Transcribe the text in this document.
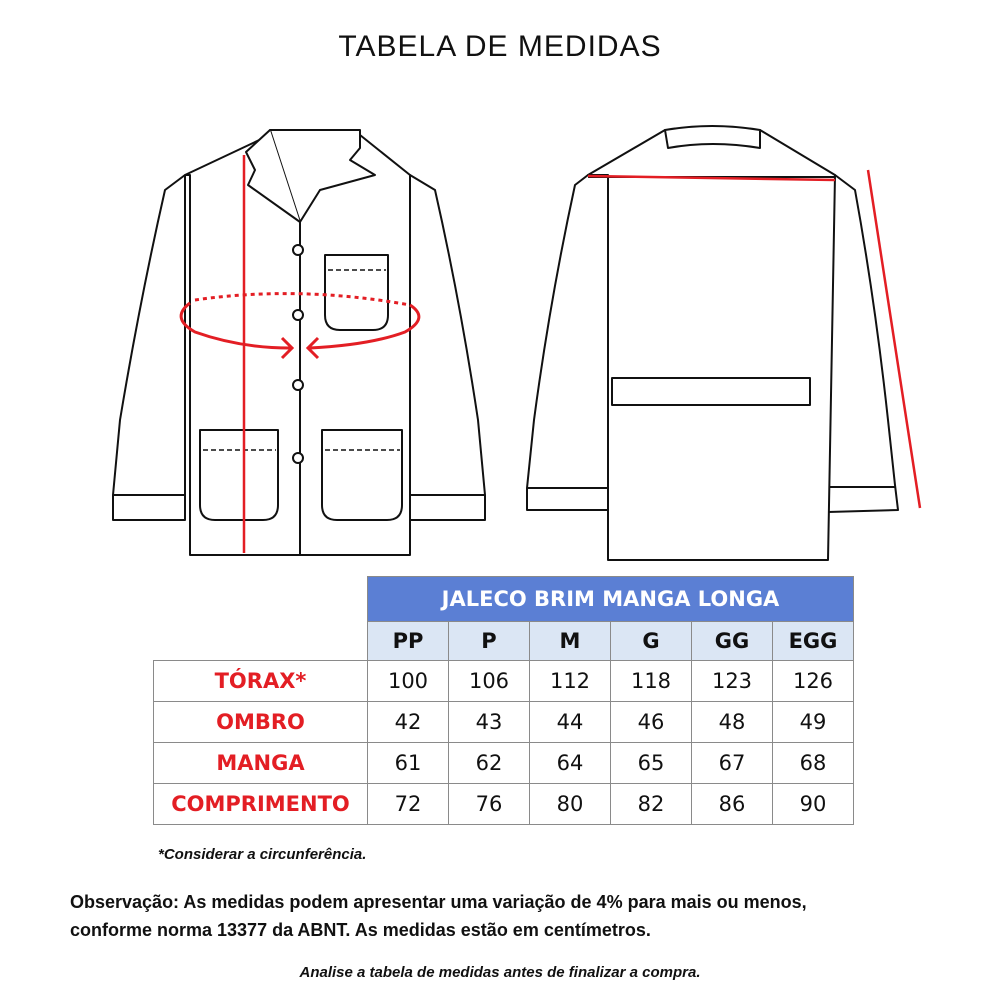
TABELA DE MEDIDAS
	JALECO BRIM MANGA LONGA					
	PP	P	M	G	GG	EGG
TÓRAX*	100	106	112	118	123	126
OMBRO	42	43	44	46	48	49
MANGA	61	62	64	65	67	68
COMPRIMENTO	72	76	80	82	86	90
*Considerar a circunferência.
Observação: As medidas podem apresentar uma variação de 4% para mais ou menos,
conforme norma 13377 da ABNT. As medidas estão em centímetros.
Analise a tabela de medidas antes de finalizar a compra.
